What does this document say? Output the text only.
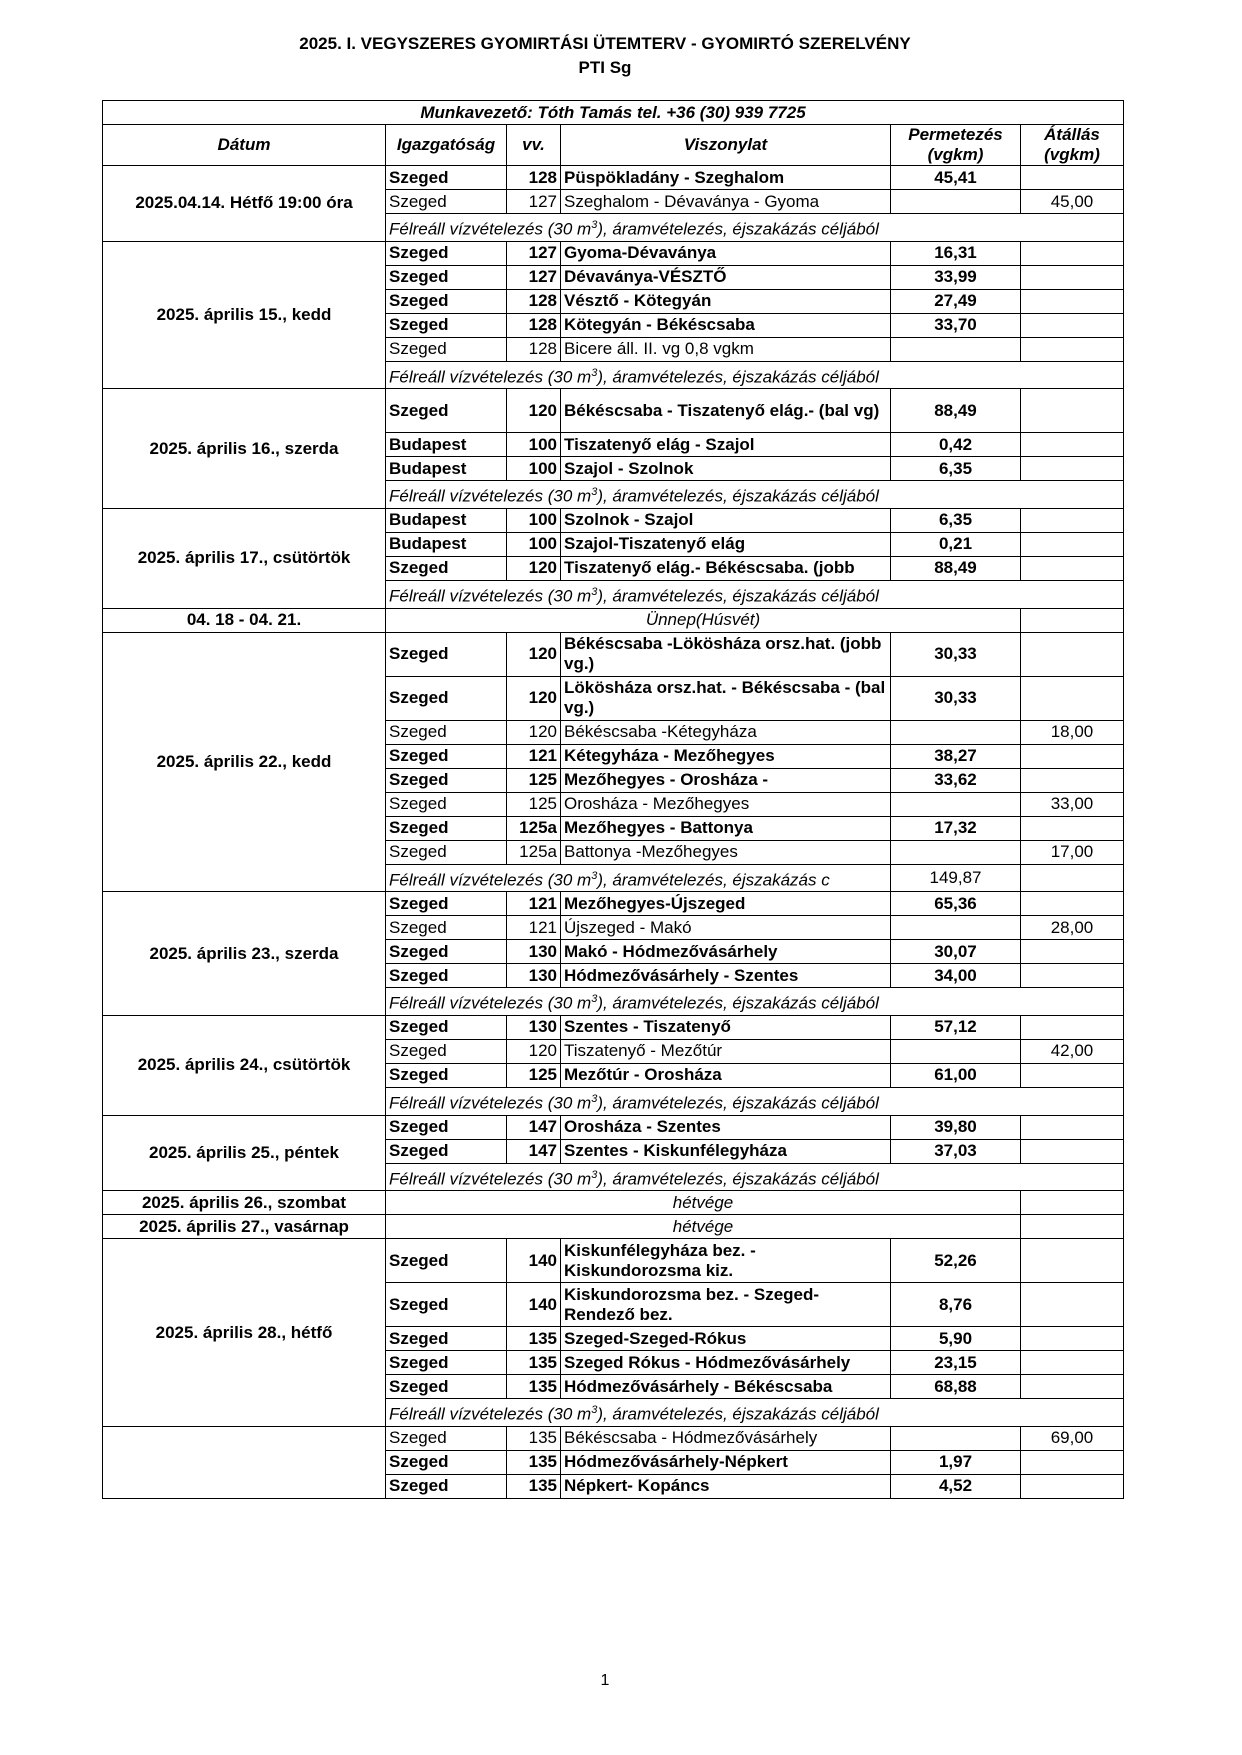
2025. I. VEGYSZERES GYOMIRTÁSI ÜTEMTERV - GYOMIRTÓ SZERELVÉNY
PTI Sg
Munkavezető: Tóth Tamás tel. +36 (30) 939 7725					
Dátum	Igazgatóság	vv.	Viszonylat	Permetezés (vgkm)	Átállás (vgkm)
2025.04.14. Hétfő 19:00 óra	Szeged	128	Püspökladány - Szeghalom	45,41	
	Szeged	127	Szeghalom - Dévaványa - Gyoma		45,00
	Félreáll vízvételezés (30 $m^3$), áramvételezés, éjszakázás céljából				
2025. április 15., kedd	Szeged	127	Gyoma-Dévaványa	16,31	
	Szeged	127	Dévaványa-VÉSZTŐ	33,99	
	Szeged	128	Vésztő - Kötegyán	27,49	
	Szeged	128	Kötegyán - Békéscsaba	33,70	
	Szeged	128	Bicere áll. II. vg 0,8 vgkm		
	Félreáll vízvételezés (30 $m^3$), áramvételezés, éjszakázás céljából				
2025. április 16., szerda	Szeged	120	Békéscsaba - Tiszatenyő elág.- (bal vg)	88,49	
	Budapest	100	Tiszatenyő elág - Szajol	0,42	
	Budapest	100	Szajol - Szolnok	6,35	
	Félreáll vízvételezés (30 $m^3$), áramvételezés, éjszakázás céljából				
2025. április 17., csütörtök	Budapest	100	Szolnok - Szajol	6,35	
	Budapest	100	Szajol-Tiszatenyő elág	0,21	
	Szeged	120	Tiszatenyő elág.- Békéscsaba. (jobb	88,49	
	Félreáll vízvételezés (30 $m^3$), áramvételezés, éjszakázás céljából				
04. 18 - 04. 21.	Ünnep(Húsvét)				
2025. április 22., kedd	Szeged	120	Békéscsaba -Lökösháza orsz.hat. (jobb vg.)	30,33	
	Szeged	120	Lökösháza orsz.hat. - Békéscsaba - (bal vg.)	30,33	
	Szeged	120	Békéscsaba -Kétegyháza		18,00
	Szeged	121	Kétegyháza - Mezőhegyes	38,27	
	Szeged	125	Mezőhegyes - Orosháza -	33,62	
	Szeged	125	Orosháza - Mezőhegyes		33,00
	Szeged	125a	Mezőhegyes - Battonya	17,32	
	Szeged	125a	Battonya -Mezőhegyes		17,00
	Félreáll vízvételezés (30 $m^3$), áramvételezés, éjszakázás c			149,87	
2025. április 23., szerda	Szeged	121	Mezőhegyes-Újszeged	65,36	
	Szeged	121	Újszeged - Makó		28,00
	Szeged	130	Makó - Hódmezővásárhely	30,07	
	Szeged	130	Hódmezővásárhely - Szentes	34,00	
	Félreáll vízvételezés (30 $m^3$), áramvételezés, éjszakázás céljából				
2025. április 24., csütörtök	Szeged	130	Szentes - Tiszatenyő	57,12	
	Szeged	120	Tiszatenyő - Mezőtúr		42,00
	Szeged	125	Mezőtúr - Orosháza	61,00	
	Félreáll vízvételezés (30 $m^3$), áramvételezés, éjszakázás céljából				
2025. április 25., péntek	Szeged	147	Orosháza - Szentes	39,80	
	Szeged	147	Szentes - Kiskunfélegyháza	37,03	
	Félreáll vízvételezés (30 $m^3$), áramvételezés, éjszakázás céljából				
2025. április 26., szombat	hétvége				
2025. április 27., vasárnap	hétvége				
2025. április 28., hétfő	Szeged	140	Kiskunfélegyháza bez. - Kiskundorozsma kiz.	52,26	
	Szeged	140	Kiskundorozsma bez. - Szeged-Rendező bez.	8,76	
	Szeged	135	Szeged-Szeged-Rókus	5,90	
	Szeged	135	Szeged Rókus - Hódmezővásárhely	23,15	
	Szeged	135	Hódmezővásárhely - Békéscsaba	68,88	
	Félreáll vízvételezés (30 $m^3$), áramvételezés, éjszakázás céljából				
	Szeged	135	Békéscsaba - Hódmezővásárhely		69,00
	Szeged	135	Hódmezővásárhely-Népkert	1,97	
	Szeged	135	Népkert- Kopáncs	4,52	
1
